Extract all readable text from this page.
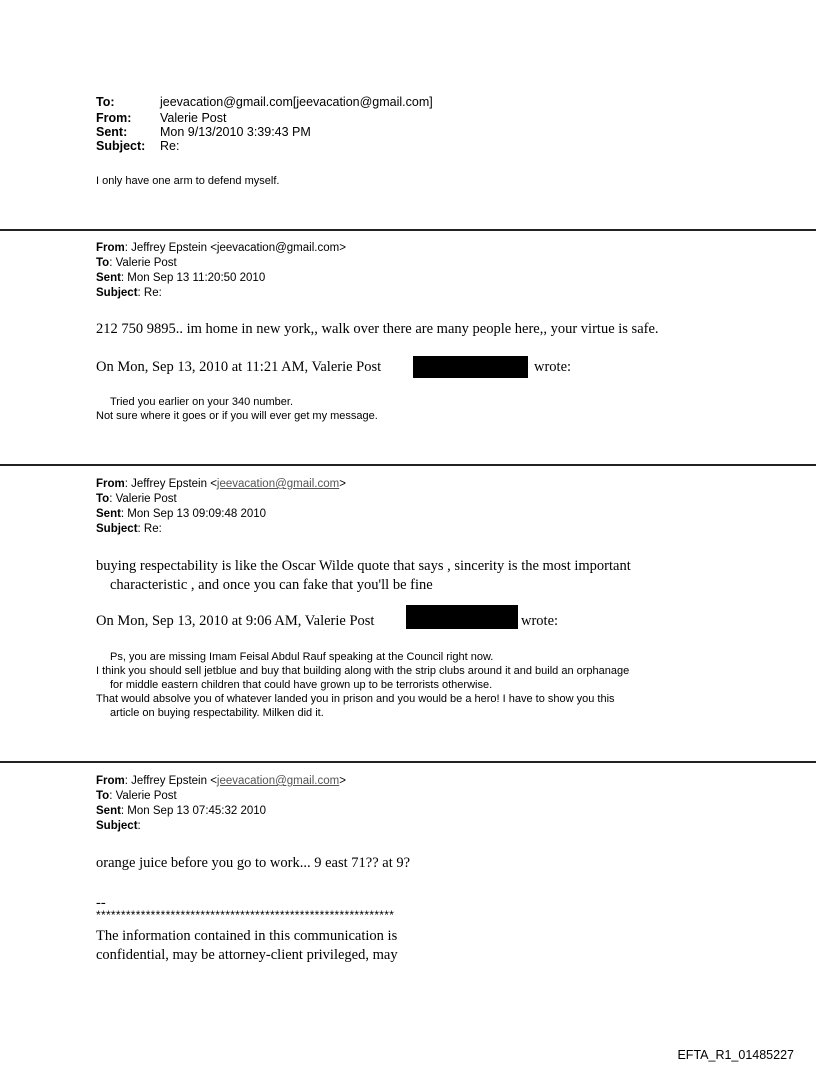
To:	jeevacation@gmail.com[jeevacation@gmail.com]
From: Valerie Post
Sent:	Mon 9/13/2010 3:39:43 PM
Subject: Re:
I only have one arm to defend myself.
From: Jeffrey Epstein <jeevacation@gmail.com>
To: Valerie Post
Sent: Mon Sep 13 11:20:50 2010
Subject: Re:
212 750 9895.. im home in new york,, walk over there are many people here,, your virtue is safe.
On Mon, Sep 13, 2010 at 11:21 AM, Valerie Post	wrote:
Tried you earlier on your 340 number.
Not sure where it goes or if you will ever get my message.
From: Jeffrey Epstein <jeevacation@gmail.com>
To: Valerie Post
Sent: Mon Sep 13 09:09:48 2010
Subject: Re:
buying respectability is like the Oscar Wilde quote that says , sincerity is the most important
characteristic , and once you can fake that you'll be fine
On Mon, Sep 13, 2010 at 9:06 AM, Valerie Post	wrote:
Ps, you are missing Imam Feisal Abdul Rauf speaking at the Council right now.
I think you should sell jetblue and buy that building along with the strip clubs around it and build an orphanage
for middle eastern children that could have grown up to be terrorists otherwise.
That would absolve you of whatever landed you in prison and you would be a hero! I have to show you this
article on buying respectability. Milken did it.
From: Jeffrey Epstein <jeevacation@gmail.com>
To: Valerie Post
Sent: Mon Sep 13 07:45:32 2010
Subject:
orange juice before you go to work... 9 east 71?? at 9?
--
************************************************************
The information contained in this communication is
confidential, may be attorney-client privileged, may
EFTA_R1_01485227
